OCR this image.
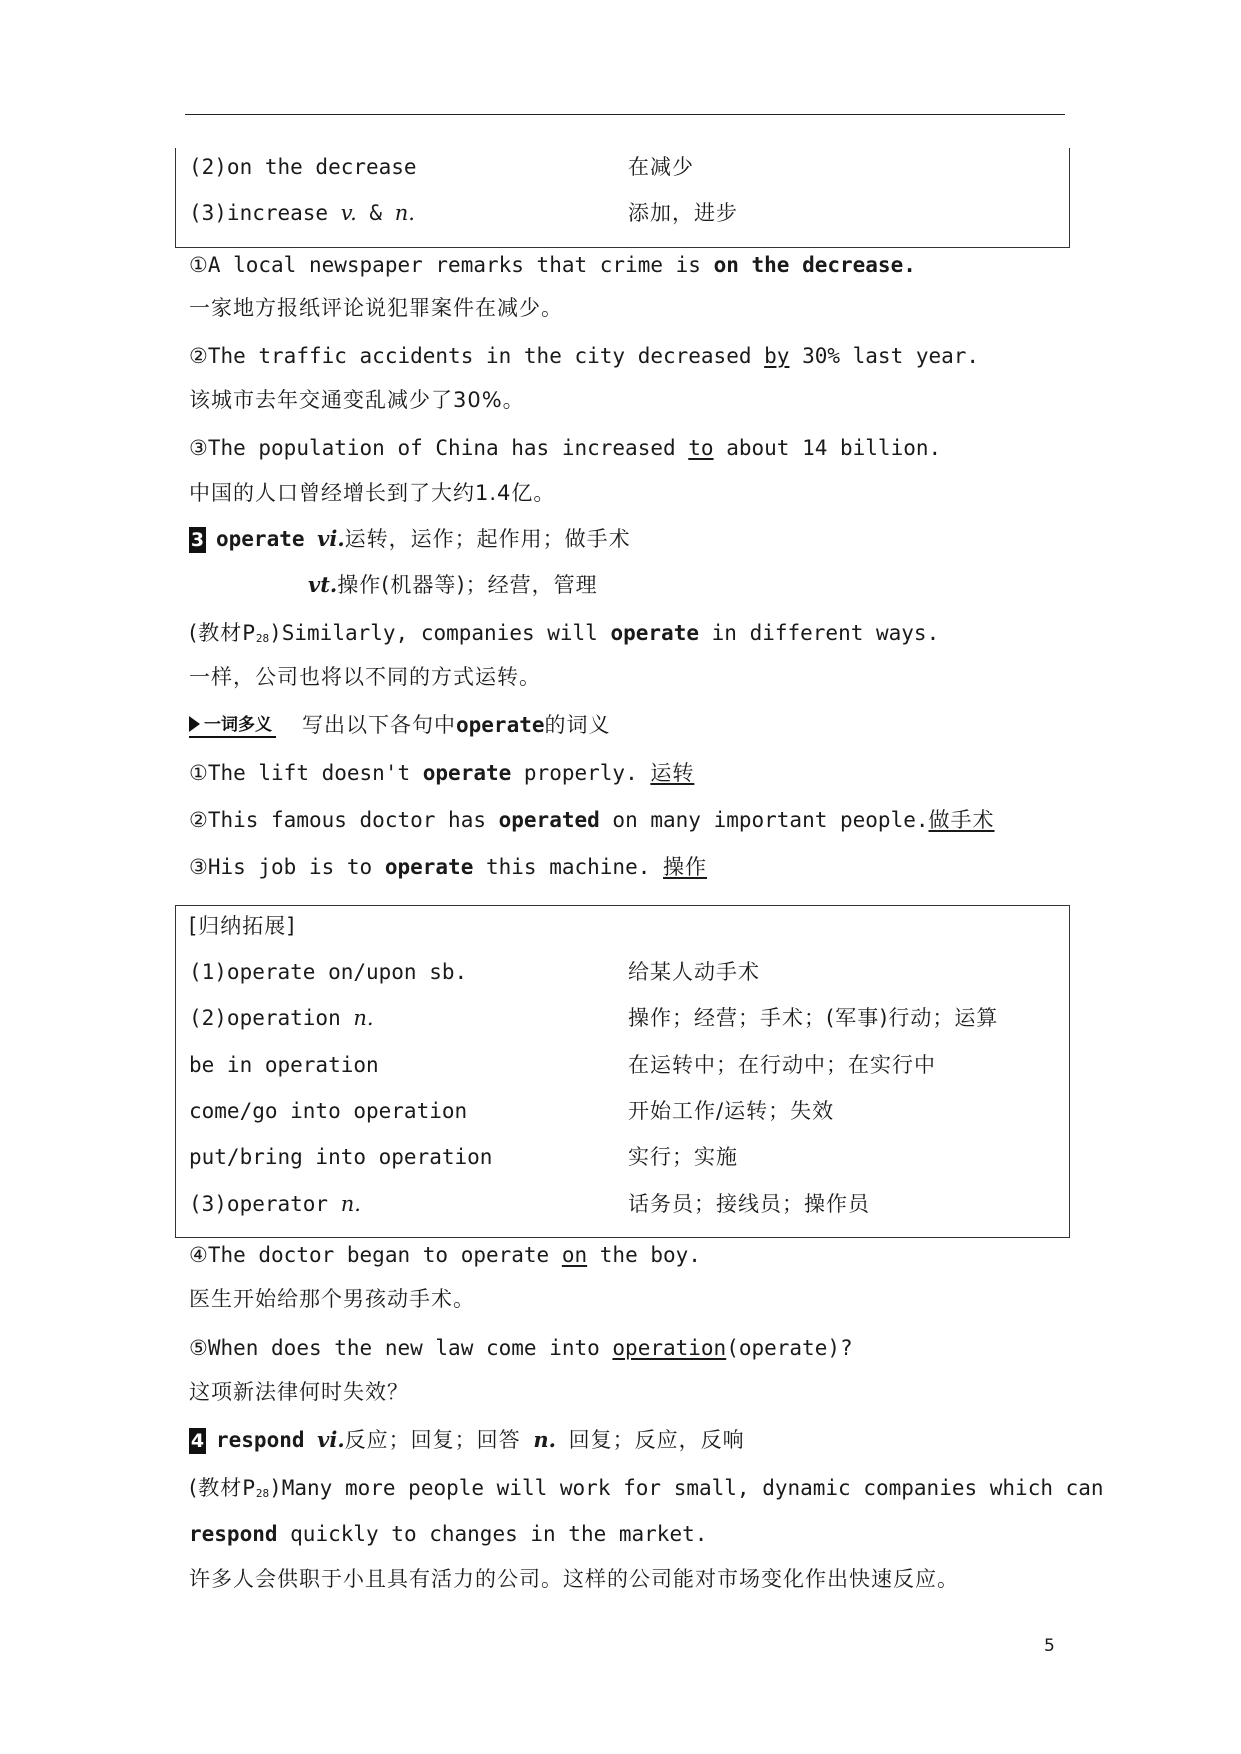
(2)on the decrease	在减少
(3)increase v. & n.	添加，进步
①A local newspaper remarks that crime is on the decrease.
一家地方报纸评论说犯罪案件在减少。
②The traffic accidents in the city decreased by 30% last year.
该城市去年交通变乱减少了30%。
③The population of China has increased to about 14 billion.
中国的人口曾经增长到了大约1.4亿。
3 operate vi.运转，运作；起作用；做手术
vt.操作(机器等)；经营，管理
(教材P28)Similarly, companies will operate in different ways.
一样，公司也将以不同的方式运转。
一词多义 写出以下各句中operate的词义
①The lift doesn't operate properly. 运转
②This famous doctor has operated on many important people.做手术
③His job is to operate this machine. 操作
[归纳拓展]
(1)operate on/upon sb.	给某人动手术
(2)operation n.	操作；经营；手术；(军事)行动；运算
be in operation	在运转中；在行动中；在实行中
come/go into operation	开始工作/运转；失效
put/bring into operation	实行；实施
(3)operator n.	话务员；接线员；操作员
④The doctor began to operate on the boy.
医生开始给那个男孩动手术。
⑤When does the new law come into operation(operate)?
这项新法律何时失效？
4 respond vi.反应；回复；回答 n. 回复；反应，反响
(教材P28)Many more people will work for small, dynamic companies which can
respond quickly to changes in the market.
许多人会供职于小且具有活力的公司。这样的公司能对市场变化作出快速反应。
5
